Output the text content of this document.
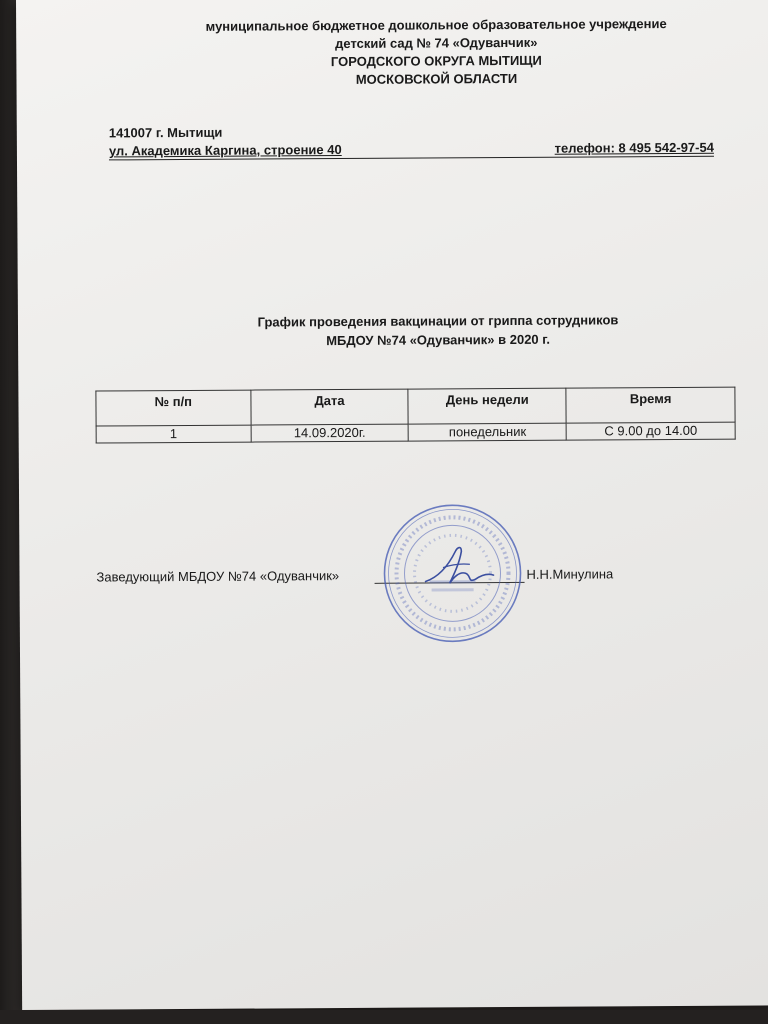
муниципальное бюджетное дошкольное образовательное учреждение
детский сад № 74 «Одуванчик»
ГОРОДСКОГО ОКРУГА МЫТИЩИ
МОСКОВСКОЙ ОБЛАСТИ
141007 г. Мытищи
ул. Академика Каргина, строение 40	телефон: 8 495 542-97-54
График проведения вакцинации от гриппа сотрудников
МБДОУ №74 «Одуванчик» в 2020 г.
№ п/п	Дата	День недели	Время
1	14.09.2020г.	понедельник	С 9.00 до 14.00
Заведующий МБДОУ №74 «Одуванчик»	Н.Н.Минулина
